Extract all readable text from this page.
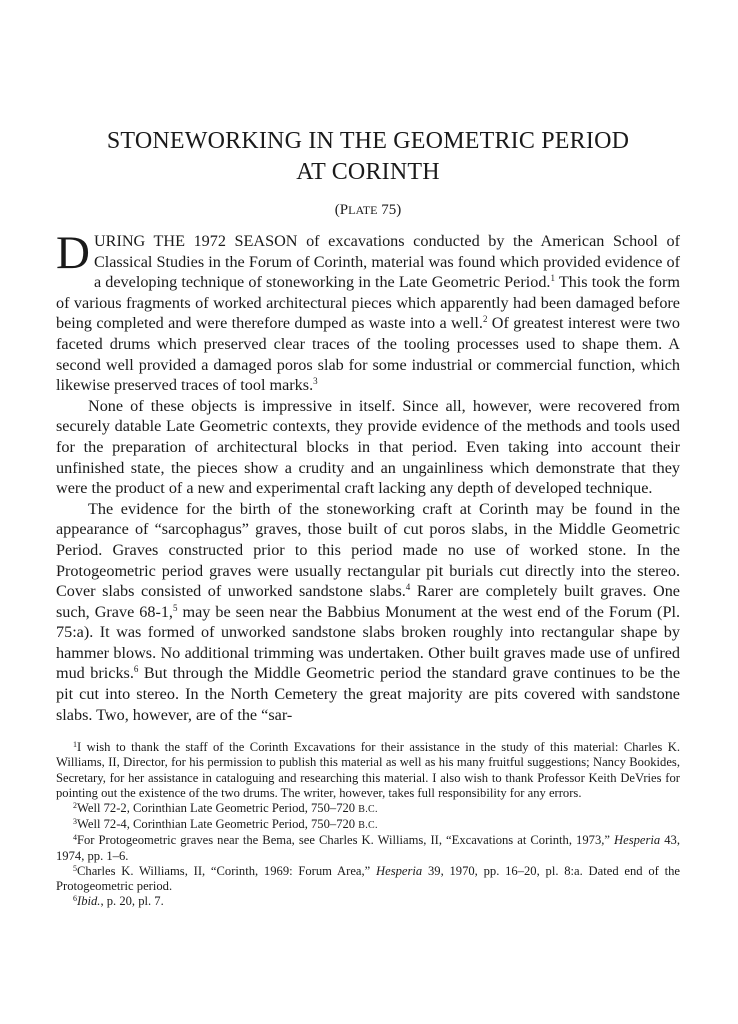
STONEWORKING IN THE GEOMETRIC PERIOD
AT CORINTH
(PLATE 75)

DURING THE 1972 SEASON of excavations conducted by the American School of Classical Studies in the Forum of Corinth, material was found which provided evidence of a developing technique of stoneworking in the Late Geometric Period.$^1$ This took the form of various fragments of worked architectural pieces which apparently had been damaged before being completed and were therefore dumped as waste into a well.$^2$ Of greatest interest were two faceted drums which preserved clear traces of the tooling processes used to shape them. A second well provided a damaged poros slab for some industrial or commercial function, which likewise preserved traces of tool marks.$^3$

None of these objects is impressive in itself. Since all, however, were recovered from securely datable Late Geometric contexts, they provide evidence of the methods and tools used for the preparation of architectural blocks in that period. Even taking into account their unfinished state, the pieces show a crudity and an ungainliness which demonstrate that they were the product of a new and experimental craft lacking any depth of developed technique.

The evidence for the birth of the stoneworking craft at Corinth may be found in the appearance of “sarcophagus” graves, those built of cut poros slabs, in the Middle Geometric Period. Graves constructed prior to this period made no use of worked stone. In the Protogeometric period graves were usually rectangular pit burials cut directly into the stereo. Cover slabs consisted of unworked sandstone slabs.$^4$ Rarer are completely built graves. One such, Grave 68-1,$^5$ may be seen near the Babbius Monument at the west end of the Forum (Pl. 75:a). It was formed of unworked sandstone slabs broken roughly into rectangular shape by hammer blows. No additional trimming was undertaken. Other built graves made use of unfired mud bricks.$^6$ But through the Middle Geometric period the standard grave continues to be the pit cut into stereo. In the North Cemetery the great majority are pits covered with sandstone slabs. Two, however, are of the “sar-

$^1$I wish to thank the staff of the Corinth Excavations for their assistance in the study of this material: Charles K. Williams, II, Director, for his permission to publish this material as well as his many fruitful suggestions; Nancy Bookides, Secretary, for her assistance in cataloguing and researching this material. I also wish to thank Professor Keith DeVries for pointing out the existence of the two drums. The writer, however, takes full responsibility for any errors.

$^2$Well 72-2, Corinthian Late Geometric Period, 750–720 B.C.

$^3$Well 72-4, Corinthian Late Geometric Period, 750–720 B.C.

$^4$For Protogeometric graves near the Bema, see Charles K. Williams, II, “Excavations at Corinth, 1973,” Hesperia 43, 1974, pp. 1–6.

$^5$Charles K. Williams, II, “Corinth, 1969: Forum Area,” Hesperia 39, 1970, pp. 16–20, pl. 8:a. Dated end of the Protogeometric period.

$^6$Ibid., p. 20, pl. 7.
